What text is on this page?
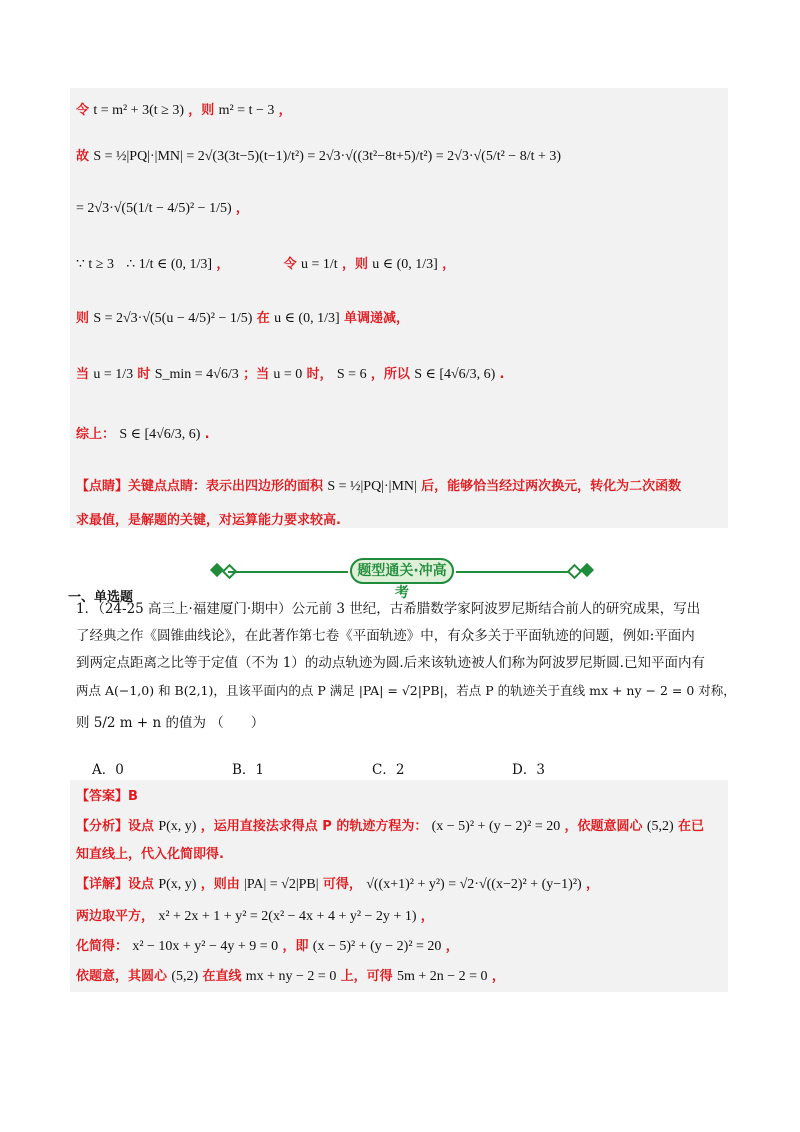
令 t = m² + 3(t ≥ 3) ，则 m² = t − 3 ，
故 S = ½|PQ|·|MN| = 2√(3(3t−5)(t−1)/t²) = 2√3·√((3t²−8t+5)/t²) = 2√3·√(5/t² − 8/t + 3)
= 2√3·√(5(1/t − 4/5)² − 1/5) ，
∵ t ≥ 3 ∴ 1/t ∈ (0, 1/3] ，	令 u = 1/t ，则 u ∈ (0, 1/3] ，
则 S = 2√3·√(5(u − 4/5)² − 1/5) 在 u ∈ (0, 1/3] 单调递减，
当 u = 1/3 时 S_min = 4√6/3 ；当 u = 0 时， S = 6 ，所以 S ∈ [4√6/3, 6) .
综上： S ∈ [4√6/3, 6) .
【点睛】关键点点睛：表示出四边形的面积 S = ½|PQ|·|MN| 后，能够恰当经过两次换元，转化为二次函数
求最值，是解题的关键，对运算能力要求较高.
题型通关·冲高考
一、单选题
1．（24-25 高三上·福建厦门·期中）公元前 3 世纪，古希腊数学家阿波罗尼斯结合前人的研究成果，写出
了经典之作《圆锥曲线论》，在此著作第七卷《平面轨迹》中，有众多关于平面轨迹的问题，例如:平面内
到两定点距离之比等于定值（不为 1）的动点轨迹为圆.后来该轨迹被人们称为阿波罗尼斯圆.已知平面内有
两点 A(−1,0) 和 B(2,1)，且该平面内的点 P 满足 |PA| = √2|PB|，若点 P 的轨迹关于直线 mx + ny − 2 = 0 对称，
则 5/2 m + n 的值为 （　　）
A．0	B．1	C．2	D．3
【答案】B
【分析】设点 P(x, y) ，运用直接法求得点 P 的轨迹方程为： (x − 5)² + (y − 2)² = 20 ，依题意圆心 (5,2) 在已
知直线上，代入化简即得.
【详解】设点 P(x, y) ，则由 |PA| = √2|PB| 可得， √((x+1)² + y²) = √2·√((x−2)² + (y−1)²) ，
两边取平方， x² + 2x + 1 + y² = 2(x² − 4x + 4 + y² − 2y + 1) ，
化简得： x² − 10x + y² − 4y + 9 = 0 ，即 (x − 5)² + (y − 2)² = 20 ，
依题意，其圆心 (5,2) 在直线 mx + ny − 2 = 0 上，可得 5m + 2n − 2 = 0 ，
